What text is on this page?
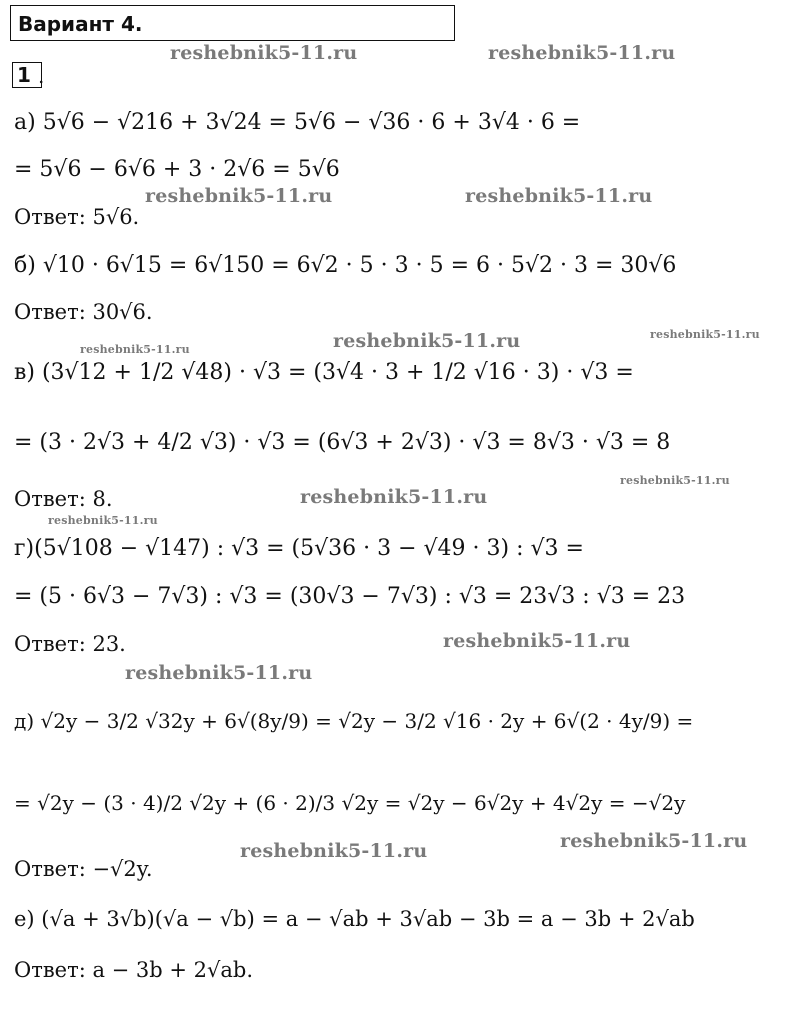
Вариант 4.
1 .
а) 5√6 − √216 + 3√24 = 5√6 − √36 · 6 + 3√4 · 6 =
= 5√6 − 6√6 + 3 · 2√6 = 5√6
Ответ: 5√6.
б) √10 · 6√15 = 6√150 = 6√2 · 5 · 3 · 5 = 6 · 5√2 · 3 = 30√6
Ответ: 30√6.
в) (3√12 + 1/2 √48) · √3 = (3√4 · 3 + 1/2 √16 · 3) · √3 =
= (3 · 2√3 + 4/2 √3) · √3 = (6√3 + 2√3) · √3 = 8√3 · √3 = 8
Ответ: 8.
г)(5√108 − √147) : √3 = (5√36 · 3 − √49 · 3) : √3 =
= (5 · 6√3 − 7√3) : √3 = (30√3 − 7√3) : √3 = 23√3 : √3 = 23
Ответ: 23.
д) √2y − 3/2 √32y + 6√(8y/9) = √2y − 3/2 √16 · 2y + 6√(2 · 4y/9) =
= √2y − (3 · 4)/2 √2y + (6 · 2)/3 √2y = √2y − 6√2y + 4√2y = −√2y
Ответ: −√2y.
е) (√a + 3√b)(√a − √b) = a − √ab + 3√ab − 3b = a − 3b + 2√ab
Ответ: a − 3b + 2√ab.
reshebnik5-11.ru	reshebnik5-11.ru
reshebnik5-11.ru	reshebnik5-11.ru
reshebnik5-11.ru	reshebnik5-11.ru
reshebnik5-11.ru
reshebnik5-11.ru
reshebnik5-11.ru
reshebnik5-11.ru
reshebnik5-11.ru
reshebnik5-11.ru
reshebnik5-11.ru
reshebnik5-11.ru
